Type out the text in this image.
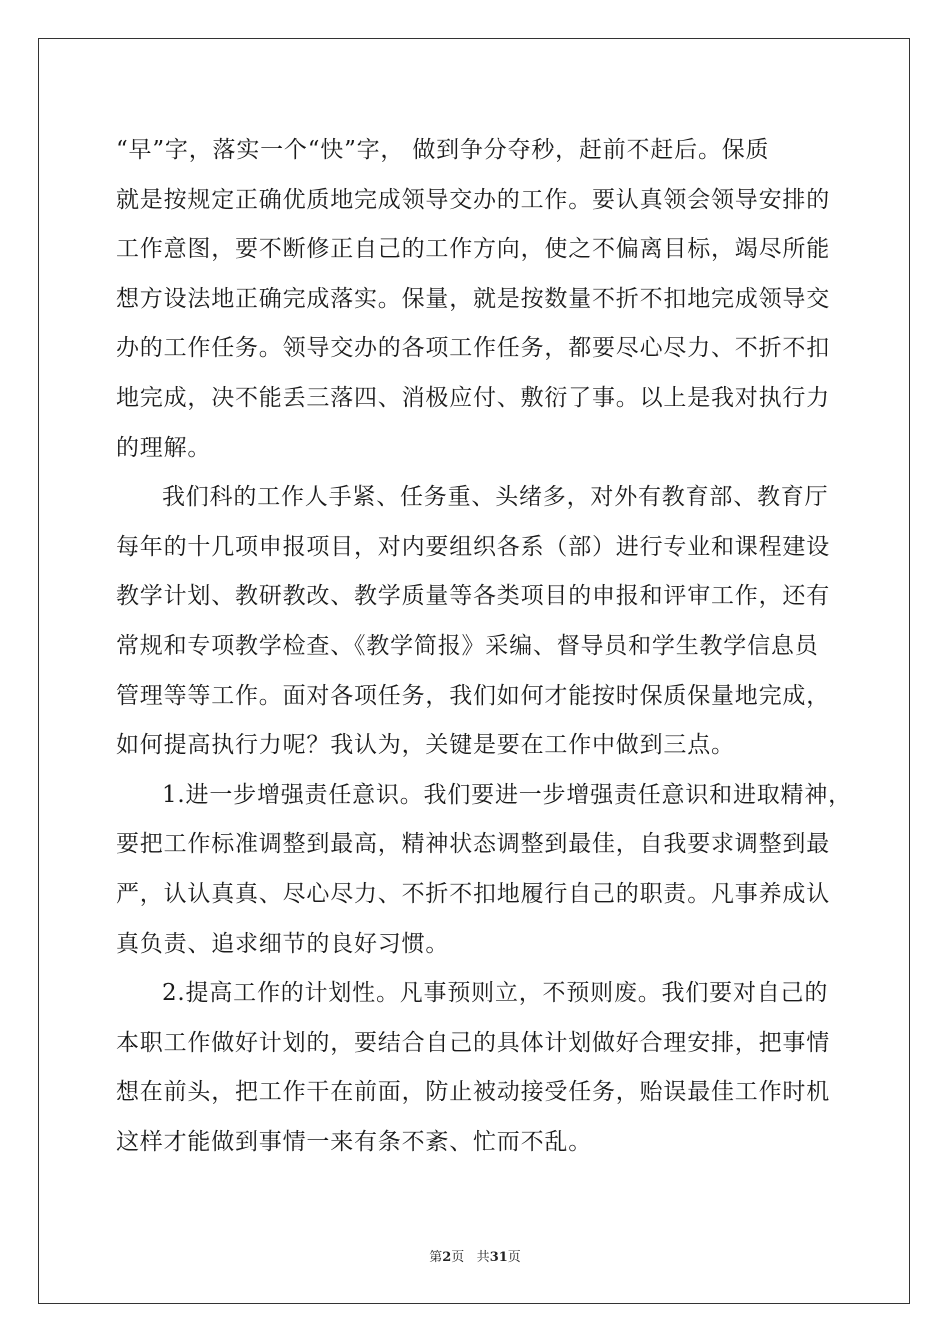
“早”字，落实一个“快”字， 做到争分夺秒，赶前不赶后。保质
就是按规定正确优质地完成领导交办的工作。要认真领会领导安排的
工作意图，要不断修正自己的工作方向，使之不偏离目标，竭尽所能
想方设法地正确完成落实。保量，就是按数量不折不扣地完成领导交
办的工作任务。领导交办的各项工作任务，都要尽心尽力、不折不扣
地完成，决不能丢三落四、消极应付、敷衍了事。以上是我对执行力
的理解。
我们科的工作人手紧、任务重、头绪多，对外有教育部、教育厅
每年的十几项申报项目，对内要组织各系（部）进行专业和课程建设
教学计划、教研教改、教学质量等各类项目的申报和评审工作，还有
常规和专项教学检查、《教学简报》采编、督导员和学生教学信息员
管理等等工作。面对各项任务，我们如何才能按时保质保量地完成，
如何提高执行力呢？我认为，关键是要在工作中做到三点。
1.进一步增强责任意识。我们要进一步增强责任意识和进取精神，
要把工作标准调整到最高，精神状态调整到最佳，自我要求调整到最
严，认认真真、尽心尽力、不折不扣地履行自己的职责。凡事养成认
真负责、追求细节的良好习惯。
2.提高工作的计划性。凡事预则立，不预则废。我们要对自己的
本职工作做好计划的，要结合自己的具体计划做好合理安排，把事情
想在前头，把工作干在前面，防止被动接受任务，贻误最佳工作时机
这样才能做到事情一来有条不紊、忙而不乱。
第2页 共31页
